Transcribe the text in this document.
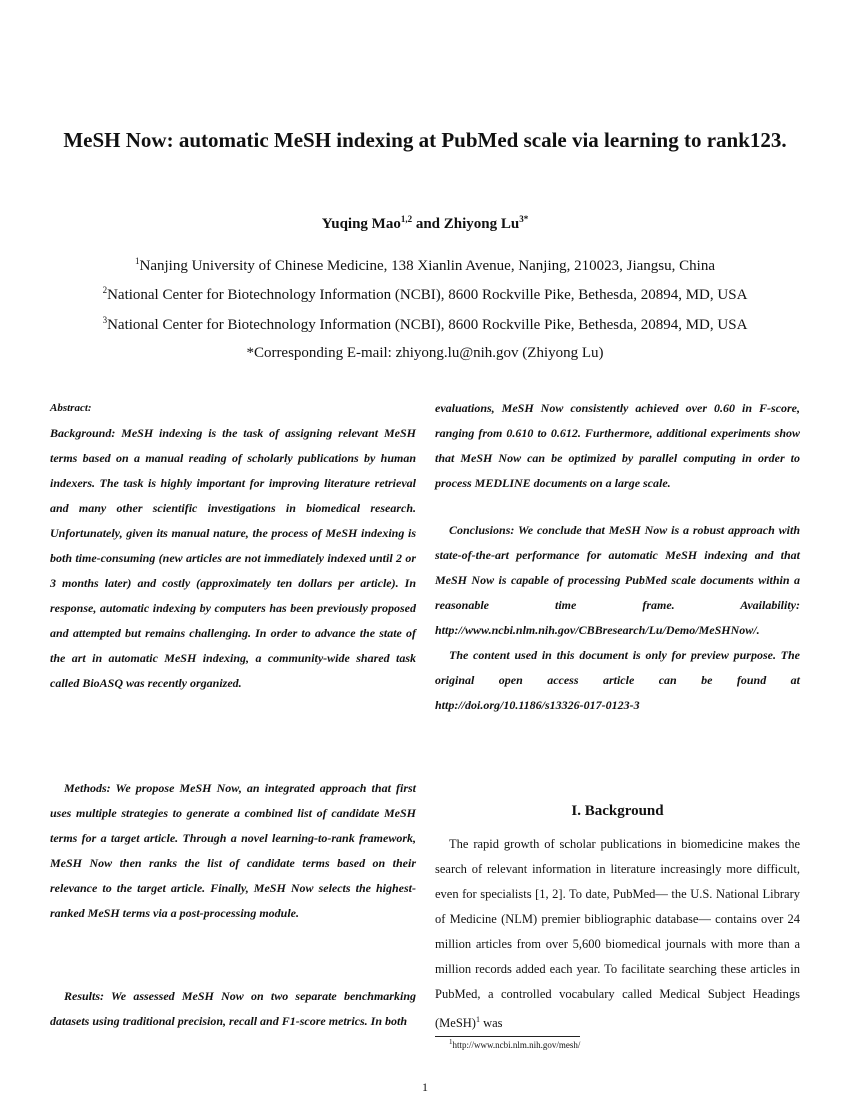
MeSH Now: automatic MeSH indexing at PubMed scale via learning to rank123.
Yuqing Mao$^{1,2}$ and Zhiyong $Lu^{3*}$
$^1$Nanjing University of Chinese Medicine, 138 Xianlin Avenue, Nanjing, 210023, Jiangsu, China
$^2$National Center for Biotechnology Information (NCBI), 8600 Rockville Pike, Bethesda, 20894, MD, USA
$^3$National Center for Biotechnology Information (NCBI), 8600 Rockville Pike, Bethesda, 20894, MD, USA
*Corresponding E-mail: zhiyong.lu@nih.gov (Zhiyong Lu)

Abstract:

Background: MeSH indexing is the task of assigning relevant MeSH terms based on a manual reading of scholarly publications by human indexers. The task is highly important for improving literature retrieval and many other scientific investigations in biomedical research. Unfortunately, given its manual nature, the process of MeSH indexing is both time-consuming (new articles are not immediately indexed until 2 or 3 months later) and costly (approximately ten dollars per article). In response, automatic indexing by computers has been previously proposed and attempted but remains challenging. In order to advance the state of the art in automatic MeSH indexing, a community-wide shared task called BioASQ was recently organized.

Methods: We propose MeSH Now, an integrated approach that first uses multiple strategies to generate a combined list of candidate MeSH terms for a target article. Through a novel learning-to-rank framework, MeSH Now then ranks the list of candidate terms based on their relevance to the target article. Finally, MeSH Now selects the highest-ranked MeSH terms via a post-processing module.

Results: We assessed MeSH Now on two separate benchmarking datasets using traditional precision, recall and F1-score metrics. In both

Conclusions: We conclude that MeSH Now is a robust approach with state-of-the-art performance for automatic MeSH indexing and that MeSH Now is capable of processing PubMed scale documents within a reasonable time frame. Availability: http://www.ncbi.nlm.nih.gov/CBBresearch/Lu/Demo/MeSHNow/.

The content used in this document is only for preview purpose. The original open access article can be found at http://doi.org/10.1186/s13326-017-0123-3

I. Background
The rapid growth of scholar publications in biomedicine makes the search of relevant information in literature increasingly more difficult, even for specialists [1, 2]. To date, PubMed— the U.S. National Library of Medicine (NLM) premier bibliographic database— contains over 24 million articles from over 5,600 biomedical journals with more than a million records added each year. To facilitate searching these articles in PubMed, a controlled vocabulary called Medical Subject Headings (MeSH)$^1$ was
$^1$http://www.ncbi.nlm.nih.gov/mesh/
1

evaluations, MeSH Now consistently achieved over 0.60 in F-score, ranging from 0.610 to 0.612. Furthermore, additional experiments show that MeSH Now can be optimized by parallel computing in order to process MEDLINE documents on a large scale.
